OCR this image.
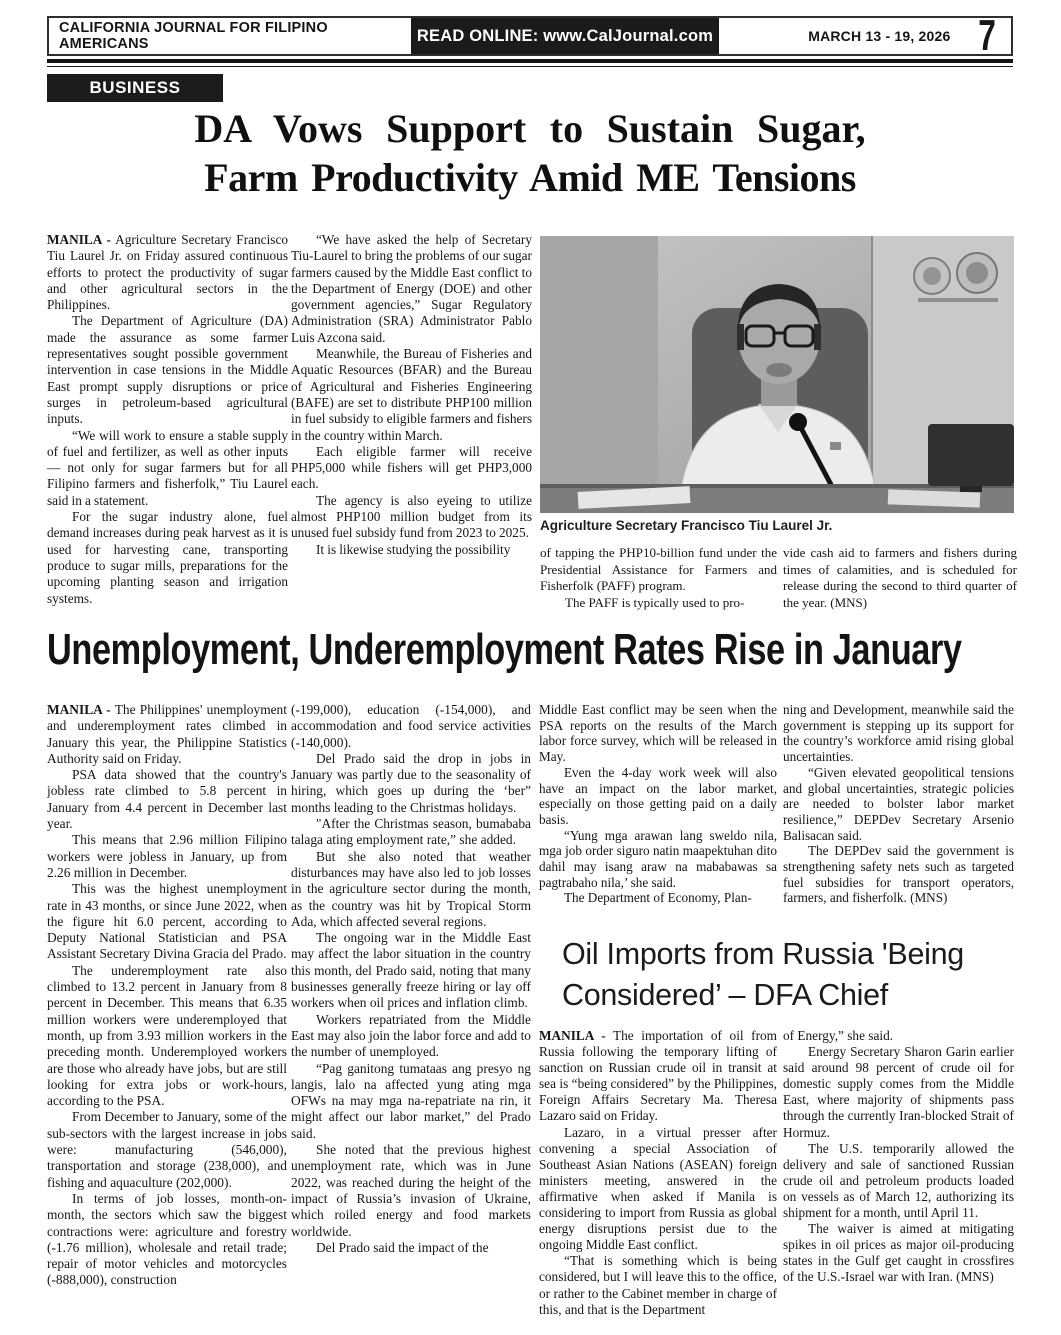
CALIFORNIA JOURNAL FOR FILIPINO AMERICANS	READ ONLINE: www.CalJournal.com	MARCH 13 - 19, 2026 7
BUSINESS
DA Vows Support to Sustain Sugar,
Farm Productivity Amid ME Tensions

MANILA - Agriculture Secretary Francisco Tiu Laurel Jr. on Friday assured continuous efforts to protect the productivity of sugar and other agricultural sectors in the Philippines.

The Department of Agriculture (DA) made the assurance as some farmer representatives sought possible government intervention in case tensions in the Middle East prompt supply disruptions or price surges in petroleum-based agricultural inputs.

“We will work to ensure a stable supply of fuel and fertilizer, as well as other inputs — not only for sugar farmers but for all Filipino farmers and fisherfolk,” Tiu Laurel said in a statement.

For the sugar industry alone, fuel demand increases during peak harvest as it is used for harvesting cane, transporting produce to sugar mills, preparations for the upcoming planting season and irrigation systems.

“We have asked the help of Secretary Tiu-Laurel to bring the problems of our sugar farmers caused by the Middle East conflict to the Department of Energy (DOE) and other government agencies,” Sugar Regulatory Administration (SRA) Administrator Pablo Luis Azcona said.

Meanwhile, the Bureau of Fisheries and Aquatic Resources (BFAR) and the Bureau of Agricultural and Fisheries Engineering (BAFE) are set to distribute PHP100 million in fuel subsidy to eligible farmers and fishers in the country within March.

Each eligible farmer will receive PHP5,000 while fishers will get PHP3,000 each.

The agency is also eyeing to utilize almost PHP100 million budget from its unused fuel subsidy fund from 2023 to 2025.

It is likewise studying the possibility

Agriculture Secretary Francisco Tiu Laurel Jr.

of tapping the PHP10-billion fund under the Presidential Assistance for Farmers and Fisherfolk (PAFF) program.

The PAFF is typically used to pro-

vide cash aid to farmers and fishers during times of calamities, and is scheduled for release during the second to third quarter of the year. (MNS)

Unemployment, Underemployment Rates Rise in January

MANILA - The Philippines' unemployment and underemployment rates climbed in January this year, the Philippine Statistics Authority said on Friday.

PSA data showed that the country's jobless rate climbed to 5.8 percent in January from 4.4 percent in December last year.

This means that 2.96 million Filipino workers were jobless in January, up from 2.26 million in December.

This was the highest unemployment rate in 43 months, or since June 2022, when the figure hit 6.0 percent, according to Deputy National Statistician and PSA Assistant Secretary Divina Gracia del Prado.

The underemployment rate also climbed to 13.2 percent in January from 8 percent in December. This means that 6.35 million workers were underemployed that month, up from 3.93 million workers in the preceding month. Underemployed workers are those who already have jobs, but are still looking for extra jobs or work-hours, according to the PSA.

From December to January, some of the sub-sectors with the largest increase in jobs were: manufacturing (546,000), transportation and storage (238,000), and fishing and aquaculture (202,000).

In terms of job losses, month-on-month, the sectors which saw the biggest contractions were: agriculture and forestry (-1.76 million), wholesale and retail trade; repair of motor vehicles and motorcycles (-888,000), construction

(-199,000), education (-154,000), and accommodation and food service activities (-140,000).

Del Prado said the drop in jobs in January was partly due to the seasonality of hiring, which goes up during the ‘ber” months leading to the Christmas holidays.

"After the Christmas season, bumababa talaga ating employment rate,” she added.

But she also noted that weather disturbances may have also led to job losses in the agriculture sector during the month, as the country was hit by Tropical Storm Ada, which affected several regions.

The ongoing war in the Middle East may affect the labor situation in the country this month, del Prado said, noting that many businesses generally freeze hiring or lay off workers when oil prices and inflation climb.

Workers repatriated from the Middle East may also join the labor force and add to the number of unemployed.

“Pag ganitong tumataas ang presyo ng langis, lalo na affected yung ating mga OFWs na may mga na-repatriate na rin, it might affect our labor market,” del Prado said.

She noted that the previous highest unemployment rate, which was in June 2022, was reached during the height of the impact of Russia’s invasion of Ukraine, which roiled energy and food markets worldwide.

Del Prado said the impact of the

Middle East conflict may be seen when the PSA reports on the results of the March labor force survey, which will be released in May.

Even the 4-day work week will also have an impact on the labor market, especially on those getting paid on a daily basis.

“Yung mga arawan lang sweldo nila, mga job order siguro natin maapektuhan dito dahil may isang araw na mababawas sa pagtrabaho nila,’ she said.

The Department of Economy, Plan-

ning and Development, meanwhile said the government is stepping up its support for the country’s workforce amid rising global uncertainties.

“Given elevated geopolitical tensions and global uncertainties, strategic policies are needed to bolster labor market resilience,” DEPDev Secretary Arsenio Balisacan said.

The DEPDev said the government is strengthening safety nets such as targeted fuel subsidies for transport operators, farmers, and fisherfolk. (MNS)

Oil Imports from Russia 'Being
Considered’ – DFA Chief

MANILA - The importation of oil from Russia following the temporary lifting of sanction on Russian crude oil in transit at sea is “being considered” by the Philippines, Foreign Affairs Secretary Ma. Theresa Lazaro said on Friday.

Lazaro, in a virtual presser after convening a special Association of Southeast Asian Nations (ASEAN) foreign ministers meeting, answered in the affirmative when asked if Manila is considering to import from Russia as global energy disruptions persist due to the ongoing Middle East conflict.

“That is something which is being considered, but I will leave this to the office, or rather to the Cabinet member in charge of this, and that is the Department

of Energy,” she said.

Energy Secretary Sharon Garin earlier said around 98 percent of crude oil for domestic supply comes from the Middle East, where majority of shipments pass through the currently Iran-blocked Strait of Hormuz.

The U.S. temporarily allowed the delivery and sale of sanctioned Russian crude oil and petroleum products loaded on vessels as of March 12, authorizing its shipment for a month, until April 11.

The waiver is aimed at mitigating spikes in oil prices as major oil-producing states in the Gulf get caught in crossfires of the U.S.-Israel war with Iran. (MNS)
